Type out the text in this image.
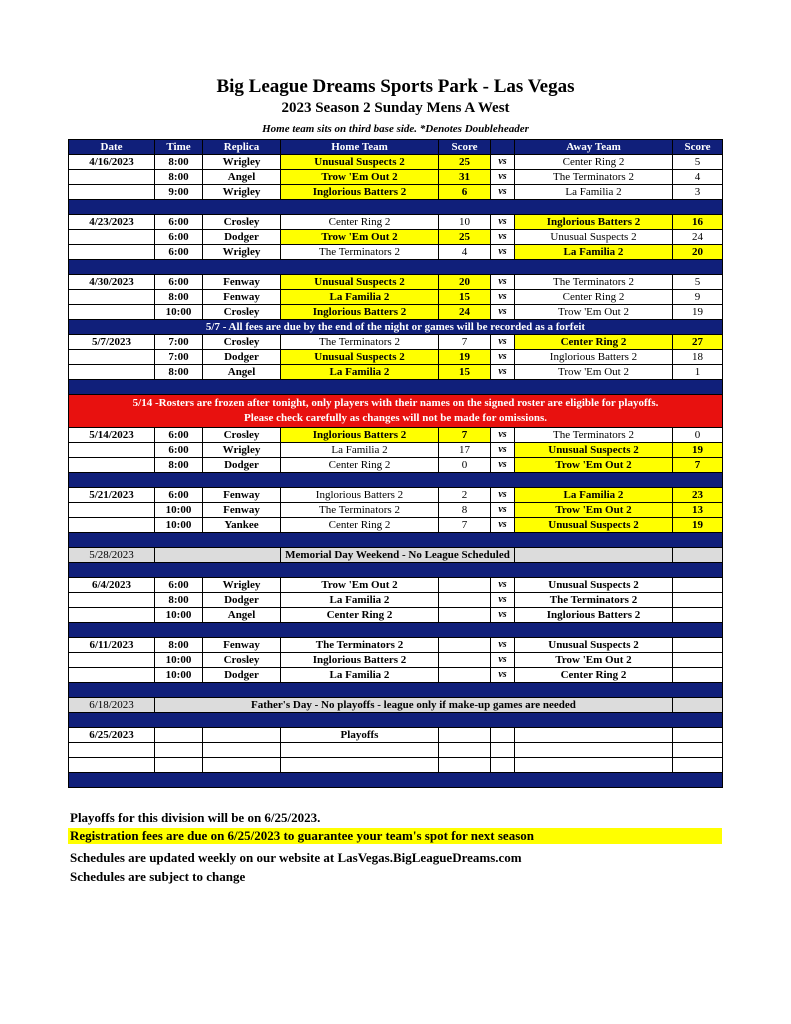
Big League Dreams Sports Park - Las Vegas
2023 Season 2 Sunday Mens A West
Home team sits on third base side. *Denotes Doubleheader
Date	Time	Replica	Home Team	Score		Away Team	Score
4/16/2023	8:00	Wrigley	Unusual Suspects 2	25	vs	Center Ring 2	5
	8:00	Angel	Trow 'Em Out 2	31	vs	The Terminators 2	4
	9:00	Wrigley	Inglorious Batters 2	6	vs	La Familia 2	3

4/23/2023	6:00	Crosley	Center Ring 2	10	vs	Inglorious Batters 2	16
	6:00	Dodger	Trow 'Em Out 2	25	vs	Unusual Suspects 2	24
	6:00	Wrigley	The Terminators 2	4	vs	La Familia 2	20

4/30/2023	6:00	Fenway	Unusual Suspects 2	20	vs	The Terminators 2	5
	8:00	Fenway	La Familia 2	15	vs	Center Ring 2	9
	10:00	Crosley	Inglorious Batters 2	24	vs	Trow 'Em Out 2	19
5/7 - All fees are due by the end of the night or games will be recorded as a forfeit							
5/7/2023	7:00	Crosley	The Terminators 2	7	vs	Center Ring 2	27
	7:00	Dodger	Unusual Suspects 2	19	vs	Inglorious Batters 2	18
	8:00	Angel	La Familia 2	15	vs	Trow 'Em Out 2	1

5/14 -Rosters are frozen after tonight, only players with their names on the signed roster are eligible for playoffs.
Please check carefully as changes will not be made for omissions.							

5/14/2023	6:00	Crosley	Inglorious Batters 2	7	vs	The Terminators 2	0
	6:00	Wrigley	La Familia 2	17	vs	Unusual Suspects 2	19
	8:00	Dodger	Center Ring 2	0	vs	Trow 'Em Out 2	7

5/21/2023	6:00	Fenway	Inglorious Batters 2	2	vs	La Familia 2	23
	10:00	Fenway	The Terminators 2	8	vs	Trow 'Em Out 2	13
	10:00	Yankee	Center Ring 2	7	vs	Unusual Suspects 2	19

5/28/2023			Memorial Day Weekend - No League Scheduled				

6/4/2023	6:00	Wrigley	Trow 'Em Out 2		vs	Unusual Suspects 2	
	8:00	Dodger	La Familia 2		vs	The Terminators 2	
	10:00	Angel	Center Ring 2		vs	Inglorious Batters 2	

6/11/2023	8:00	Fenway	The Terminators 2		vs	Unusual Suspects 2	
	10:00	Crosley	Inglorious Batters 2		vs	Trow 'Em Out 2	
	10:00	Dodger	La Familia 2		vs	Center Ring 2	

6/18/2023	Father's Day - No playoffs - league only if make-up games are needed						

6/25/2023			Playoffs				

Playoffs for this division will be on 6/25/2023.
Registration fees are due on 6/25/2023 to guarantee your team's spot for next season
Schedules are updated weekly on our website at LasVegas.BigLeagueDreams.com
Schedules are subject to change
